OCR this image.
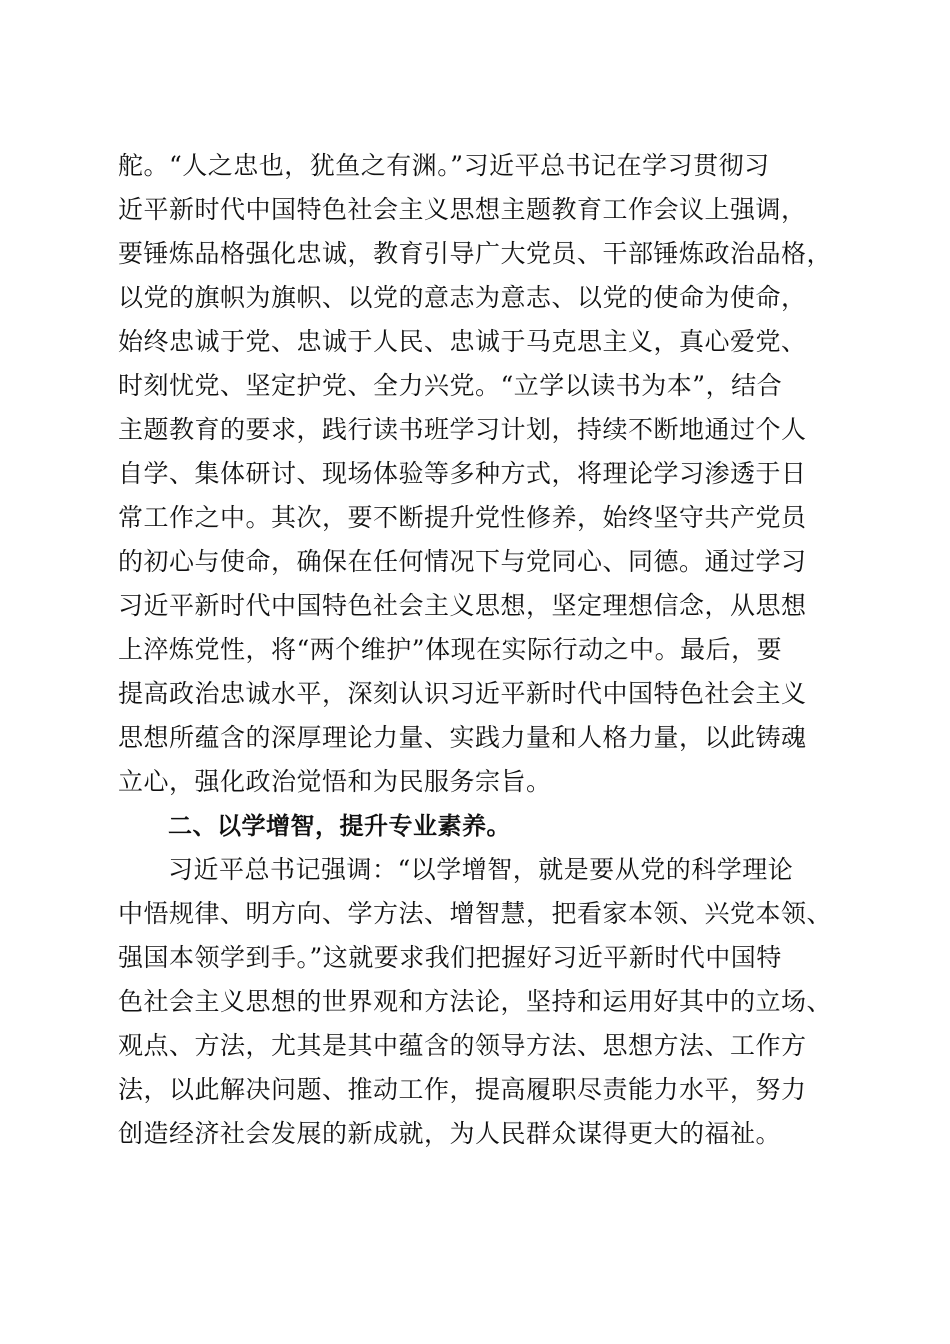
舵。“人之忠也，犹鱼之有渊。”习近平总书记在学习贯彻习
近平新时代中国特色社会主义思想主题教育工作会议上强调，
要锤炼品格强化忠诚，教育引导广大党员、干部锤炼政治品格，
以党的旗帜为旗帜、以党的意志为意志、以党的使命为使命，
始终忠诚于党、忠诚于人民、忠诚于马克思主义，真心爱党、
时刻忧党、坚定护党、全力兴党。“立学以读书为本”，结合
主题教育的要求，践行读书班学习计划，持续不断地通过个人
自学、集体研讨、现场体验等多种方式，将理论学习渗透于日
常工作之中。其次，要不断提升党性修养，始终坚守共产党员
的初心与使命，确保在任何情况下与党同心、同德。通过学习
习近平新时代中国特色社会主义思想，坚定理想信念，从思想
上淬炼党性，将“两个维护”体现在实际行动之中。最后，要
提高政治忠诚水平，深刻认识习近平新时代中国特色社会主义
思想所蕴含的深厚理论力量、实践力量和人格力量，以此铸魂
立心，强化政治觉悟和为民服务宗旨。
二、以学增智，提升专业素养。
习近平总书记强调：“以学增智，就是要从党的科学理论
中悟规律、明方向、学方法、增智慧，把看家本领、兴党本领、
强国本领学到手。”这就要求我们把握好习近平新时代中国特
色社会主义思想的世界观和方法论，坚持和运用好其中的立场、
观点、方法，尤其是其中蕴含的领导方法、思想方法、工作方
法，以此解决问题、推动工作，提高履职尽责能力水平，努力
创造经济社会发展的新成就，为人民群众谋得更大的福祉。
